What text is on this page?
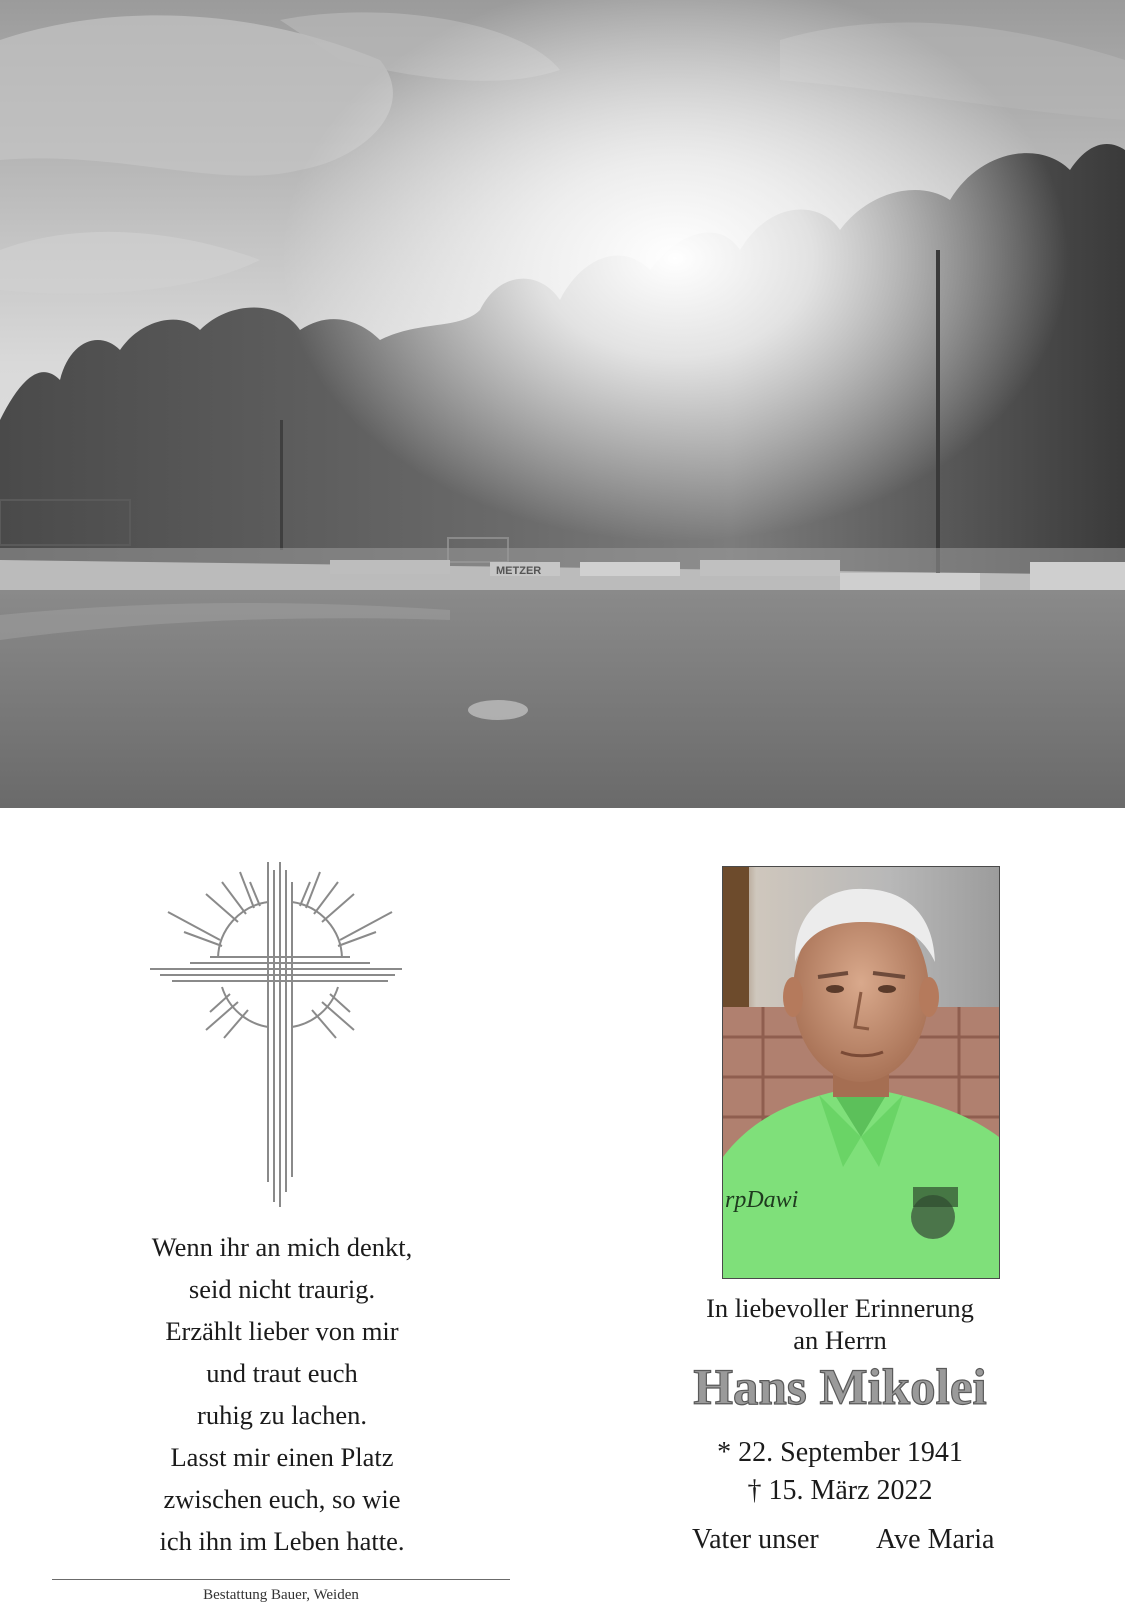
METZER
Wenn ihr an mich denkt,
seid nicht traurig.
Erzählt lieber von mir
und traut euch
ruhig zu lachen.
Lasst mir einen Platz
zwischen euch, so wie
ich ihn im Leben hatte.
Bestattung Bauer, Weiden
rpDawi
In liebevoller Erinnerung
an Herrn
Hans Mikolei
* 22. September 1941
† 15. März 2022
Vater unser Ave Maria
